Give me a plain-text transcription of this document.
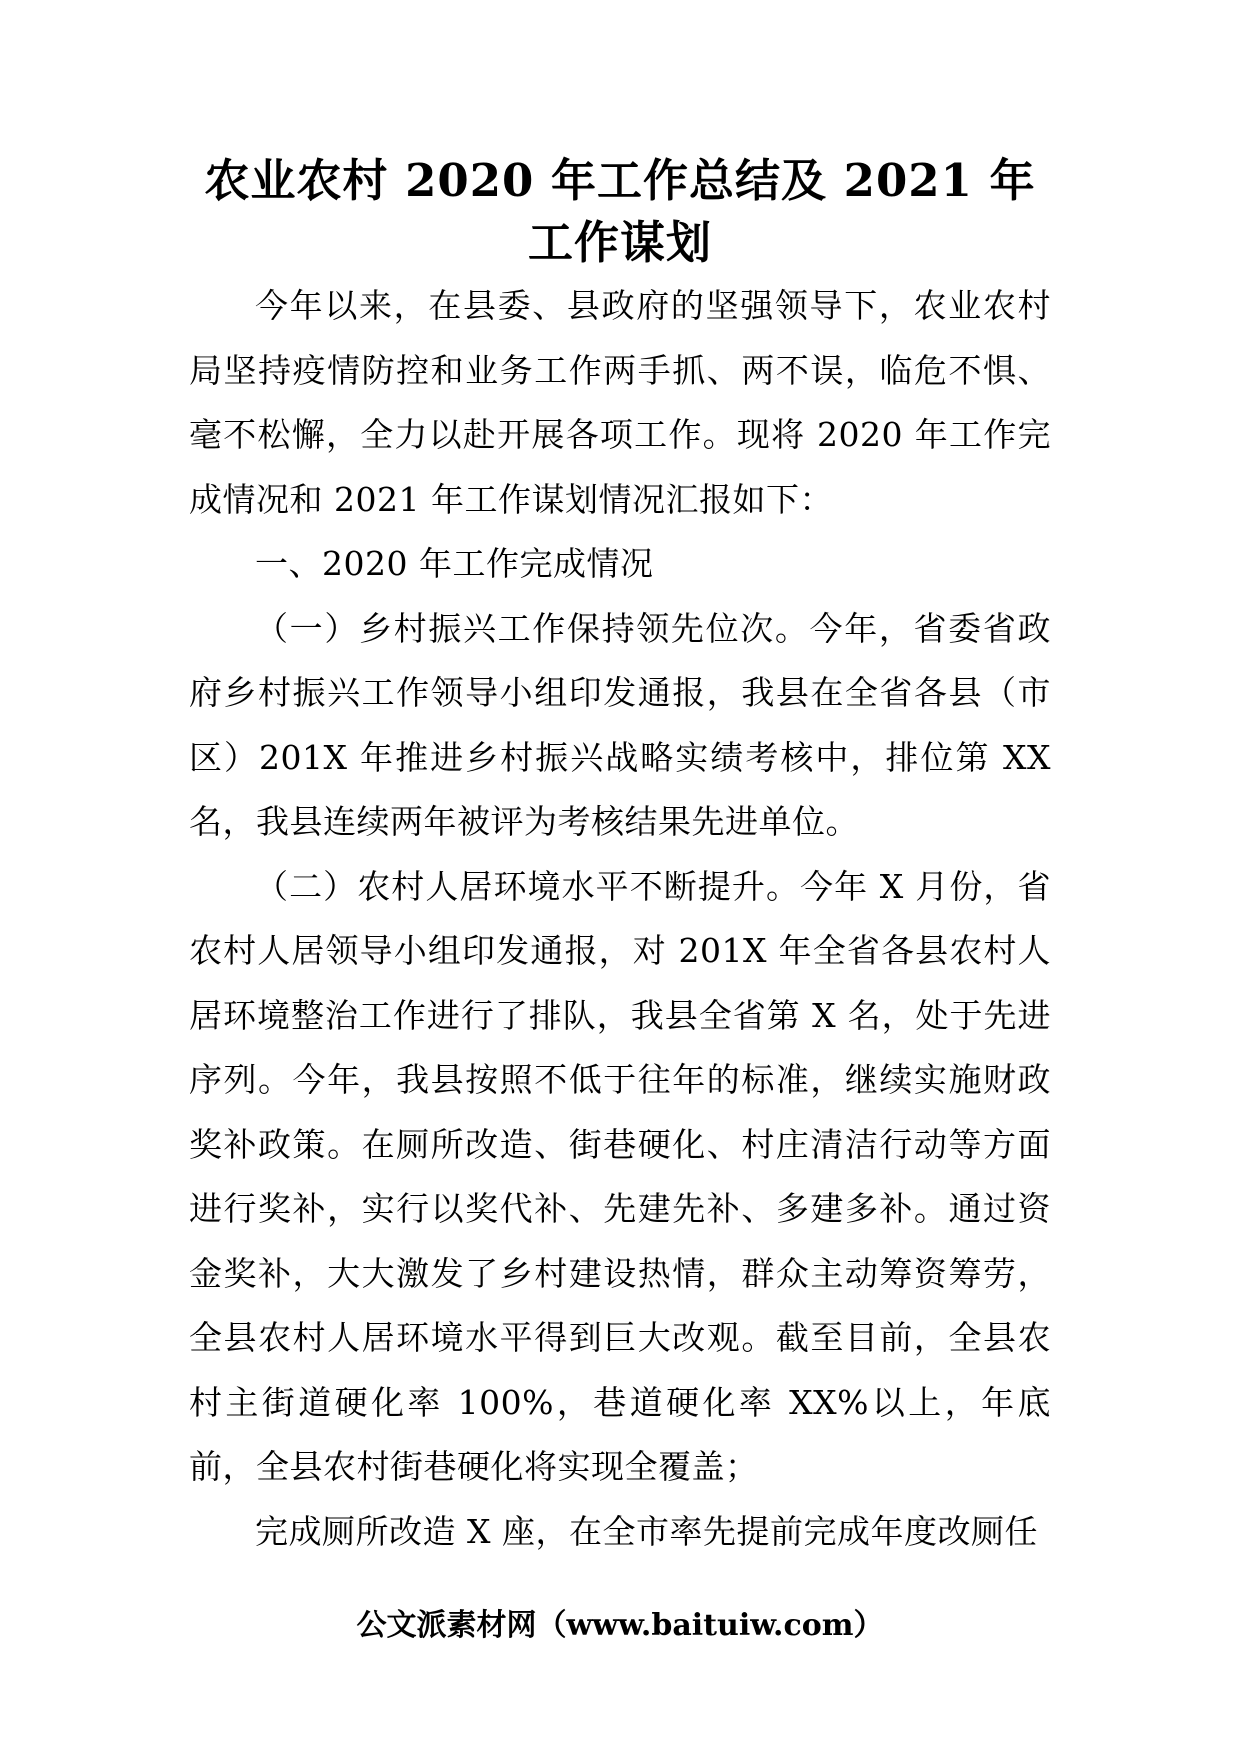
农业农村 2020 年工作总结及 2021 年工作谋划

今年以来，在县委、县政府的坚强领导下，农业农村局坚持疫情防控和业务工作两手抓、两不误，临危不惧、毫不松懈，全力以赴开展各项工作。现将 2020 年工作完成情况和 2021 年工作谋划情况汇报如下：

一、2020 年工作完成情况

（一）乡村振兴工作保持领先位次。今年，省委省政府乡村振兴工作领导小组印发通报，我县在全省各县（市区）201X 年推进乡村振兴战略实绩考核中，排位第 XX 名，我县连续两年被评为考核结果先进单位。

（二）农村人居环境水平不断提升。今年 X 月份，省农村人居领导小组印发通报，对 201X 年全省各县农村人居环境整治工作进行了排队，我县全省第 X 名，处于先进序列。今年，我县按照不低于往年的标准，继续实施财政奖补政策。在厕所改造、街巷硬化、村庄清洁行动等方面进行奖补，实行以奖代补、先建先补、多建多补。通过资金奖补，大大激发了乡村建设热情，群众主动筹资筹劳，全县农村人居环境水平得到巨大改观。截至目前，全县农村主街道硬化率 100%，巷道硬化率 XX%以上，年底前，全县农村街巷硬化将实现全覆盖；

完成厕所改造 X 座，在全市率先提前完成年度改厕任

公文派素材网（www.baituiw.com）
